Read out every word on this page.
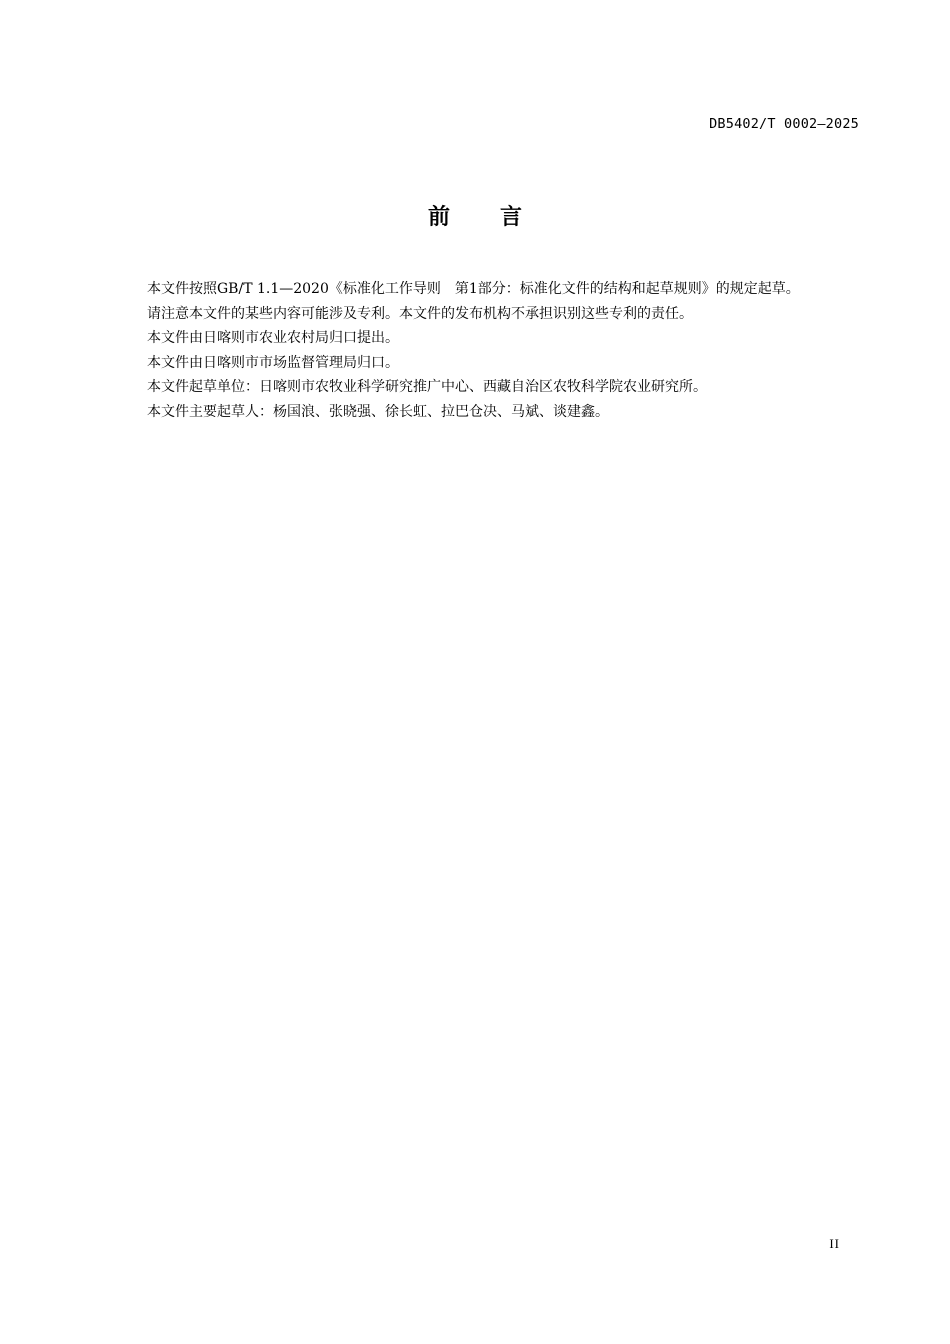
DB5402/T 0002—2025
前 言

本文件按照GB/T 1.1—2020《标准化工作导则　第1部分：标准化文件的结构和起草规则》的规定起草。

请注意本文件的某些内容可能涉及专利。本文件的发布机构不承担识别这些专利的责任。

本文件由日喀则市农业农村局归口提出。

本文件由日喀则市市场监督管理局归口。

本文件起草单位：日喀则市农牧业科学研究推广中心、西藏自治区农牧科学院农业研究所。

本文件主要起草人：杨国浪、张晓强、徐长虹、拉巴仓决、马斌、谈建鑫。

II
